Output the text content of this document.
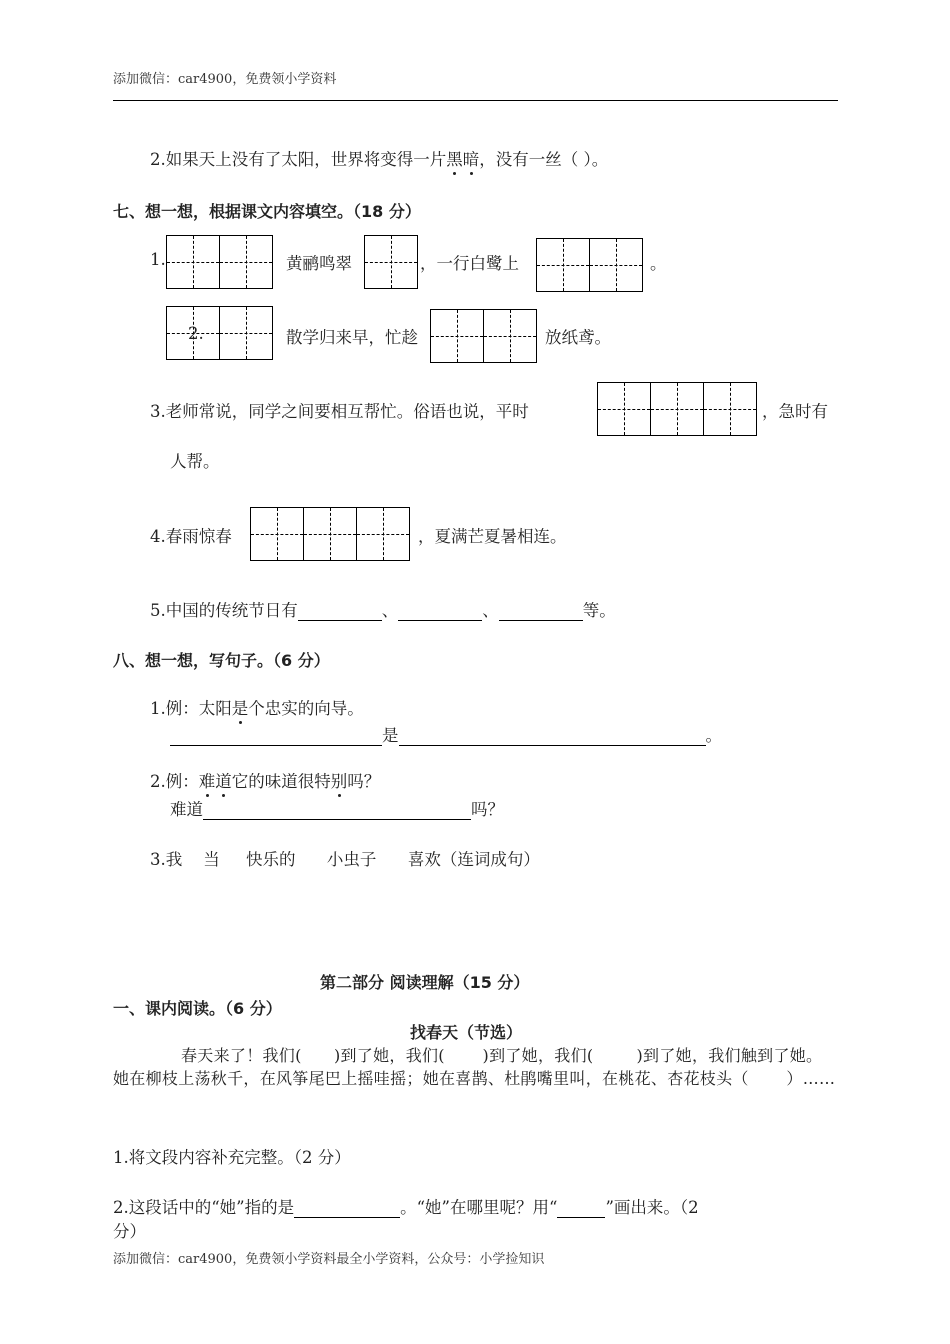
添加微信：car4900，免费领小学资料
2.如果天上没有了太阳，世界将变得一片黑暗，没有一丝（ ）。
七、想一想，根据课文内容填空。（18 分）
1.	黄鹂鸣翠	，一行白鹭上	。
2.	散学归来早，忙趁	放纸鸢。
3.老师常说，同学之间要相互帮忙。俗语也说，平时	，急时有
人帮。
4.春雨惊春	，夏满芒夏暑相连。
5.中国的传统节日有	、	、	等。
八、想一想，写句子。（6 分）
1.例：太阳是个忠实的向导。
是	。
2.例：难道它的味道很特别吗？
难道	吗？
3.我    当     快乐的      小虫子      喜欢（连词成句）
第二部分 阅读理解（15 分）
一、课内阅读。（6 分）
找春天（节选）
春天来了！我们(      )到了她，我们(       )到了她，我们(        )到了她，我们触到了她。她在柳枝上荡秋千，在风筝尾巴上摇哇摇；她在喜鹊、杜鹃嘴里叫，在桃花、杏花枝头（       ）……
1.将文段内容补充完整。（2 分）
2.这段话中的“她”指的是	。“她”在哪里呢？用“	”画出来。（2
分）
添加微信：car4900，免费领小学资料最全小学资料，公众号：小学捡知识
